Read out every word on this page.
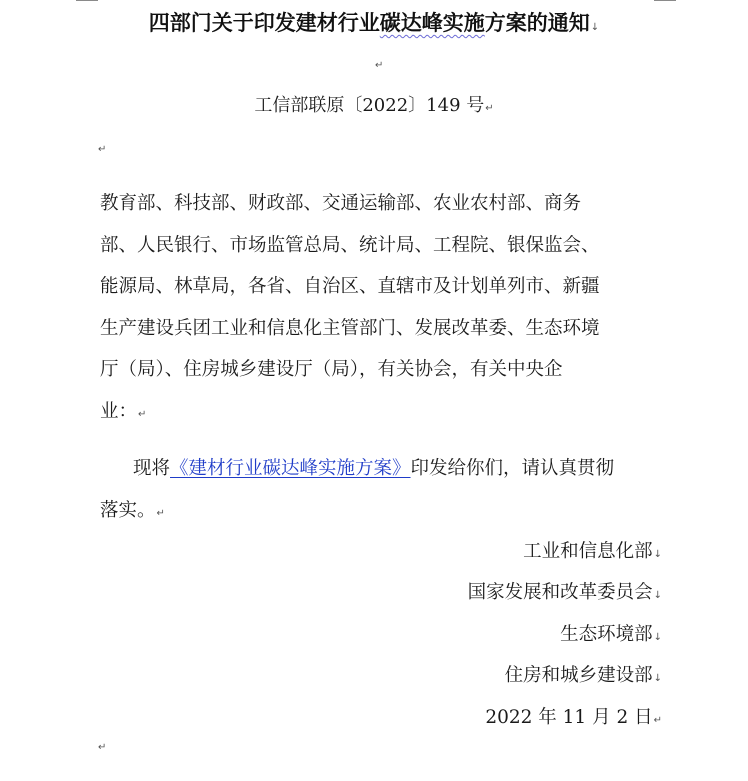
四部门关于印发建材行业碳达峰实施方案的通知↓
↵
工信部联原〔2022〕149 号↵
↵
教育部、科技部、财政部、交通运输部、农业农村部、商务
部、人民银行、市场监管总局、统计局、工程院、银保监会、
能源局、林草局，各省、自治区、直辖市及计划单列市、新疆
生产建设兵团工业和信息化主管部门、发展改革委、生态环境
厅（局）、住房城乡建设厅（局），有关协会，有关中央企
业：↵
现将《建材行业碳达峰实施方案》印发给你们，请认真贯彻
落实。↵
工业和信息化部↓
国家发展和改革委员会↓
生态环境部↓
住房和城乡建设部↓
2022 年 11 月 2 日↵
↵
